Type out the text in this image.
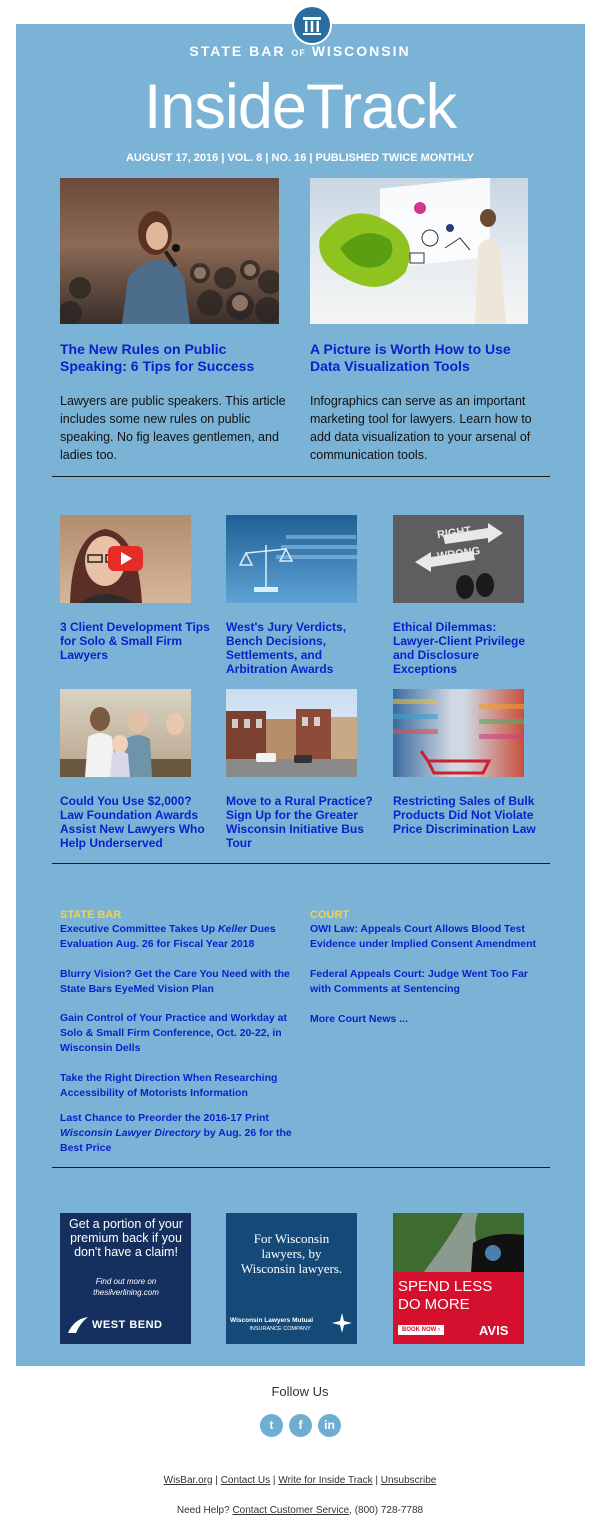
STATE BAR OF WISCONSIN
InsideTrack
AUGUST 17, 2016 | VOL. 8 | NO. 16 | PUBLISHED TWICE MONTHLY
The New Rules on Public Speaking: 6 Tips for Success
Lawyers are public speakers. This article includes some new rules on public speaking. No fig leaves gentlemen, and ladies too.
A Picture is Worth How to Use Data Visualization Tools
Infographics can serve as an important marketing tool for lawyers. Learn how to add data visualization to your arsenal of communication tools.
RIGHT
WRONG
3 Client Development Tips for Solo & Small Firm Lawyers
West's Jury Verdicts, Bench Decisions, Settlements, and Arbitration Awards
Ethical Dilemmas: Lawyer-Client Privilege and Disclosure Exceptions
Could You Use $2,000? Law Foundation Awards Assist New Lawyers Who Help Underserved
Move to a Rural Practice? Sign Up for the Greater Wisconsin Initiative Bus Tour
Restricting Sales of Bulk Products Did Not Violate Price Discrimination Law
STATE BAR
Executive Committee Takes Up Keller Dues Evaluation Aug. 26 for Fiscal Year 2018
Blurry Vision? Get the Care You Need with the State Bars EyeMed Vision Plan
Gain Control of Your Practice and Workday at Solo & Small Firm Conference, Oct. 20-22, in Wisconsin Dells
Take the Right Direction When Researching Accessibility of Motorists Information
Last Chance to Preorder the 2016-17 Print Wisconsin Lawyer Directory by Aug. 26 for the Best Price
COURT
OWI Law: Appeals Court Allows Blood Test Evidence under Implied Consent Amendment
Federal Appeals Court: Judge Went Too Far with Comments at Sentencing
More Court News ...
Get a portion of your premium back if you don't have a claim!
Find out more on
thesilverlining.com
WEST BEND
For Wisconsin lawyers, by Wisconsin lawyers.
Wisconsin Lawyers Mutual
INSURANCE COMPANY
SPEND LESS
DO MORE
BOOK NOW ›	AVIS
Follow Us
t	f	in
WisBar.org | Contact Us | Write for Inside Track | Unsubscribe
Need Help? Contact Customer Service, (800) 728-7788
